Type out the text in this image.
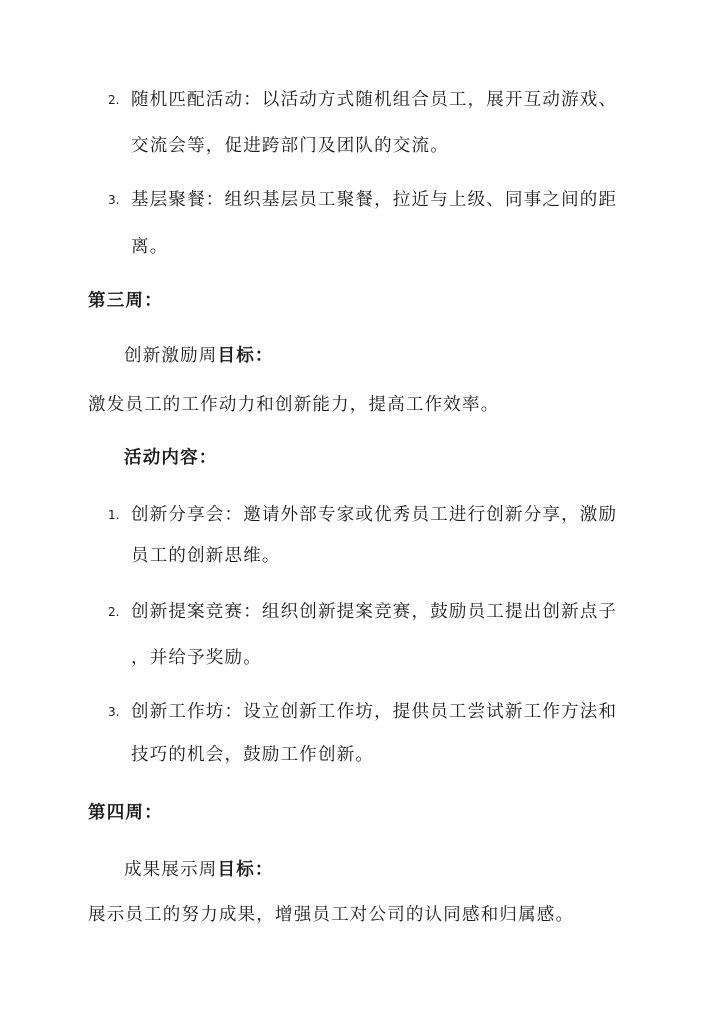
2. 随机匹配活动：以活动方式随机组合员工，展开互动游戏、
交流会等，促进跨部门及团队的交流。
3. 基层聚餐：组织基层员工聚餐，拉近与上级、同事之间的距
离。
第三周：
创新激励周目标：
激发员工的工作动力和创新能力，提高工作效率。
活动内容：
1. 创新分享会：邀请外部专家或优秀员工进行创新分享，激励
员工的创新思维。
2. 创新提案竞赛：组织创新提案竞赛，鼓励员工提出创新点子
，并给予奖励。
3. 创新工作坊：设立创新工作坊，提供员工尝试新工作方法和
技巧的机会，鼓励工作创新。
第四周：
成果展示周目标：
展示员工的努力成果，增强员工对公司的认同感和归属感。
